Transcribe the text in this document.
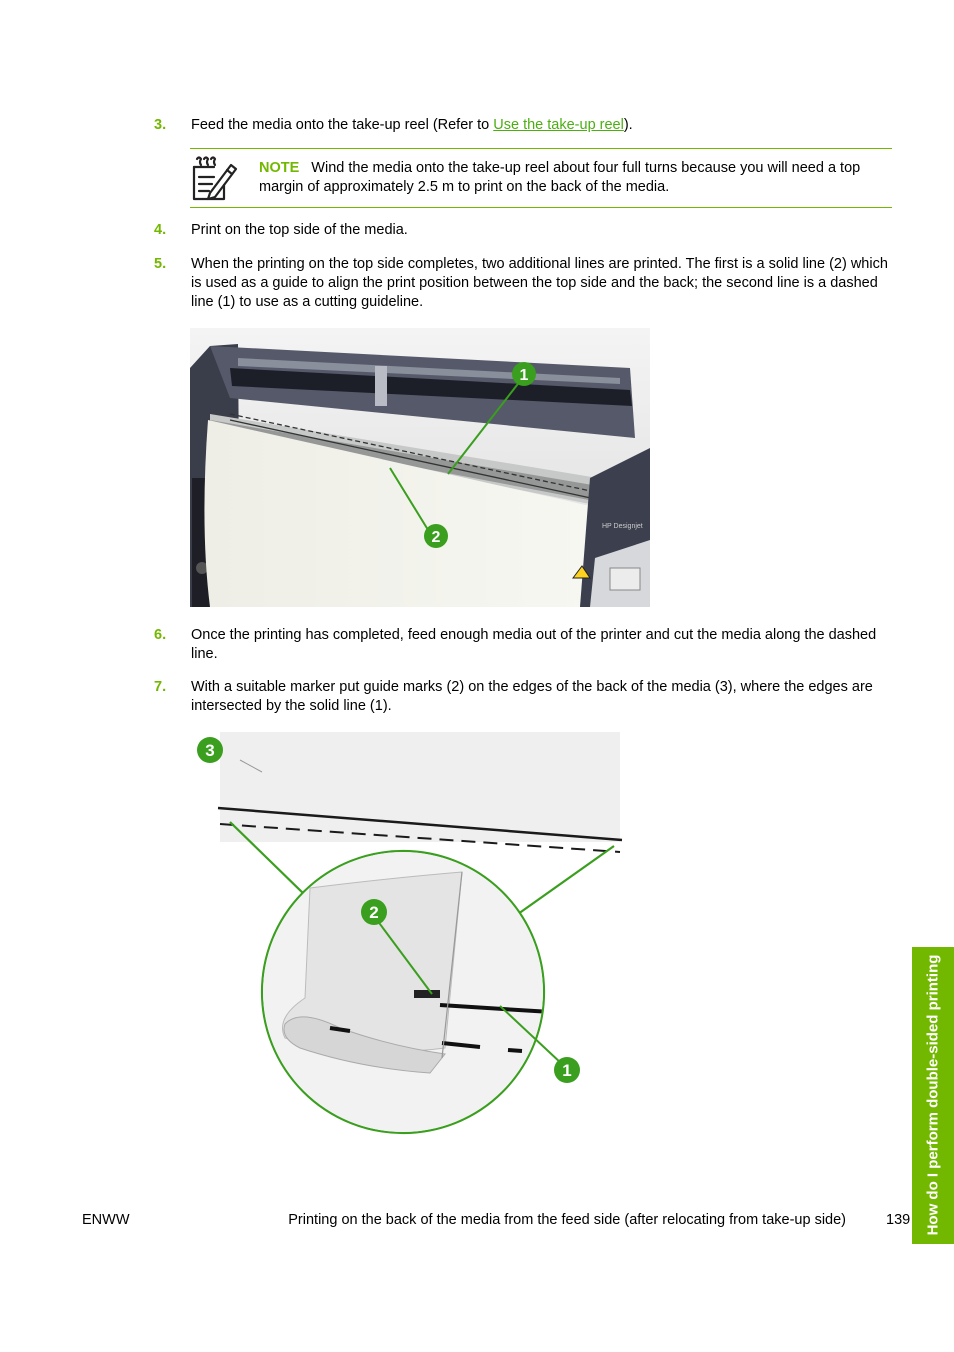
3. Feed the media onto the take-up reel (Refer to Use the take-up reel).
NOTE Wind the media onto the take-up reel about four full turns because you will need a top margin of approximately 2.5 m to print on the back of the media.
4. Print on the top side of the media.
5. When the printing on the top side completes, two additional lines are printed. The first is a solid line (2) which is used as a guide to align the print position between the top side and the back; the second line is a dashed line (1) to use as a cutting guideline.
HP Designjet
1
2
6. Once the printing has completed, feed enough media out of the printer and cut the media along the dashed line.
7. With a suitable marker put guide marks (2) on the edges of the back of the media (3), where the edges are intersected by the solid line (1).
3
2
1	How do I perform double-sided printing
ENWW	Printing on the back of the media from the feed side (after relocating from take-up side)	139
